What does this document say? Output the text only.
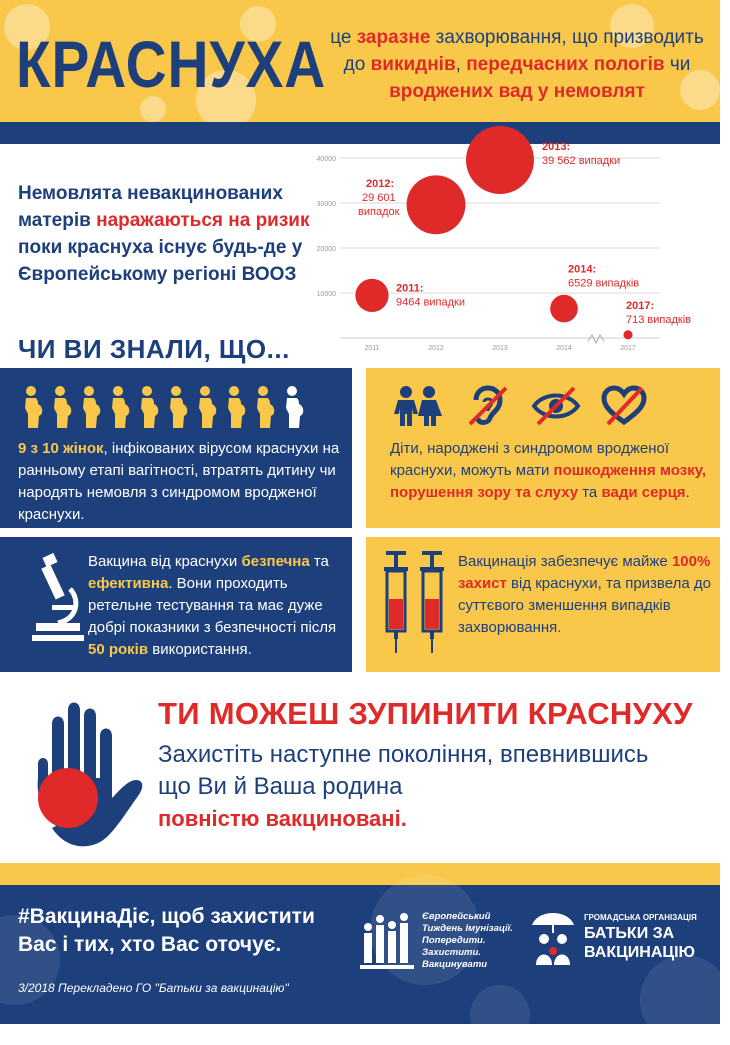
КРАСНУХА це заразне захворювання, що призводить до викиднів, передчасних пологів чи вроджених вад у немовлят
Немовлята невакцинованих матерів наражаються на ризик поки краснуха існує будь-де у Європейському регіоні ВООЗ
10000
20000
30000
40000
2011	2012	2013	2014	2017
2011:
9464 випадки
2012:
29 601
випадок
2013:
39 562 випадки
2014:
6529 випадків
2017:
713 випадків
ЧИ ВИ ЗНАЛИ, ЩО...
9 з 10 жінок, інфікованих вірусом краснухи на ранньому етапі вагітності, втратять дитину чи народять немовля з синдромом вродженої краснухи.
Діти, народжені з синдромом вродженої краснухи, можуть мати пошкодження мозку, порушення зору та слуху та вади серця.
Вакцина від краснухи безпечна та ефективна. Вони проходить ретельне тестування та має дуже добрі показники з безпечності після 50 років використання.
Вакцинація забезпечує майже 100% захист від краснухи, та призвела до суттєвого зменшення випадків захворювання.
ТИ МОЖЕШ ЗУПИНИТИ КРАСНУХУ
Захистіть наступне покоління, впевнившись
що Ви й Ваша родина
повністю вакциновані.
#ВакцинаДіє, щоб захистити
Вас і тих, хто Вас оточує.
3/2018 Перекладено ГО "Батьки за вакцинацію"
Європейський
Тиждень Імунізації.
Попередити.
Захистити.
Вакцинувати
ГРОМАДСЬКА ОРГАНІЗАЦІЯ
БАТЬКИ ЗА
ВАКЦИНАЦІЮ
